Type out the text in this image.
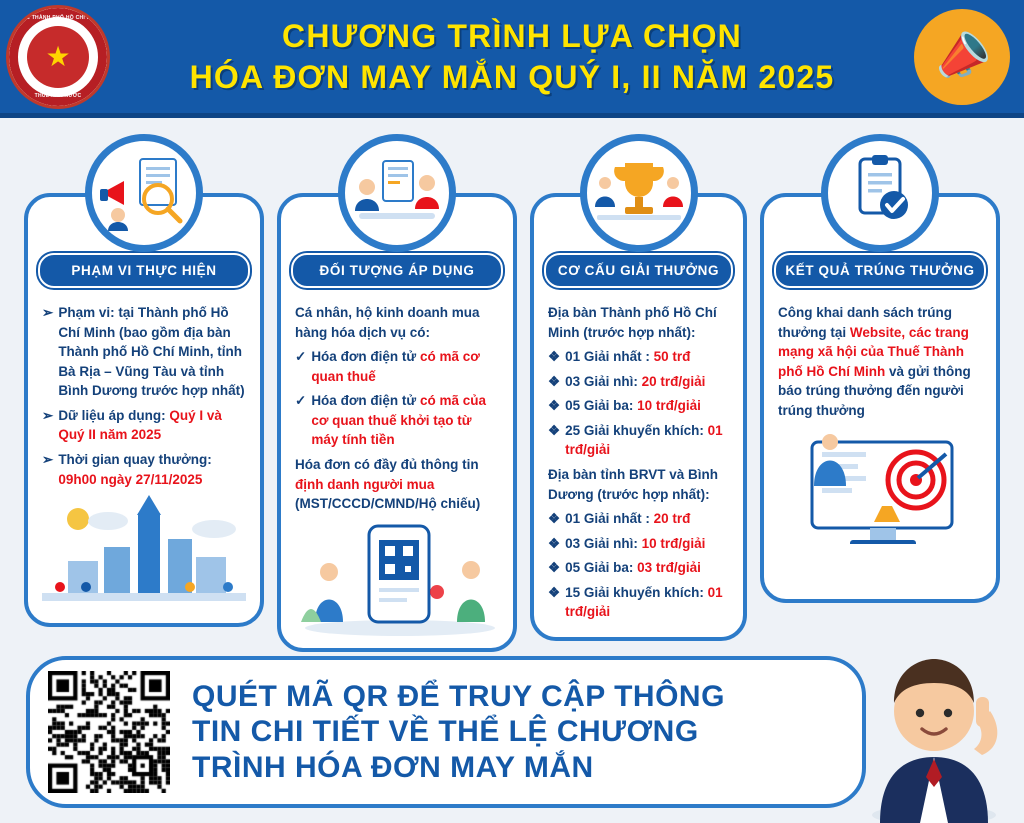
THUẾ THÀNH PHỐ HỒ CHÍ MINH
★
THUẾ NHÀ NƯỚC
CHƯƠNG TRÌNH LỰA CHỌN
HÓA ĐƠN MAY MẮN QUÝ I, II NĂM 2025	📣
PHẠM VI THỰC HIỆN
➢ Phạm vi: tại Thành phố Hồ Chí Minh (bao gồm địa bàn Thành phố Hồ Chí Minh, tỉnh Bà Rịa – Vũng Tàu và tỉnh Bình Dương trước hợp nhất)
➢ Dữ liệu áp dụng: Quý I và Quý II năm 2025
➢ Thời gian quay thưởng: 09h00 ngày 27/11/2025
ĐỐI TƯỢNG ÁP DỤNG
Cá nhân, hộ kinh doanh mua hàng hóa dịch vụ có:
✓ Hóa đơn điện tử có mã cơ quan thuế
✓ Hóa đơn điện tử có mã của cơ quan thuế khởi tạo từ máy tính tiền
Hóa đơn có đầy đủ thông tin định danh người mua (MST/CCCD/CMND/Hộ chiếu)
CƠ CẤU GIẢI THƯỞNG
Địa bàn Thành phố Hồ Chí Minh (trước hợp nhất):
❖ 01 Giải nhất : 50 trđ
❖ 03 Giải nhì: 20 trđ/giải
❖ 05 Giải ba: 10 trđ/giải
❖ 25 Giải khuyến khích: 01 trđ/giải
Địa bàn tỉnh BRVT và Bình Dương (trước hợp nhất):
❖ 01 Giải nhất : 20 trđ
❖ 03 Giải nhì: 10 trđ/giải
❖ 05 Giải ba: 03 trđ/giải
❖ 15 Giải khuyến khích: 01 trđ/giải
KẾT QUẢ TRÚNG THƯỞNG
Công khai danh sách trúng thưởng tại Website, các trang mạng xã hội của Thuế Thành phố Hồ Chí Minh và gửi thông báo trúng thưởng đến người trúng thưởng
QUÉT MÃ QR ĐỂ TRUY CẬP THÔNG
TIN CHI TIẾT VỀ THỂ LỆ CHƯƠNG
TRÌNH HÓA ĐƠN MAY MẮN
